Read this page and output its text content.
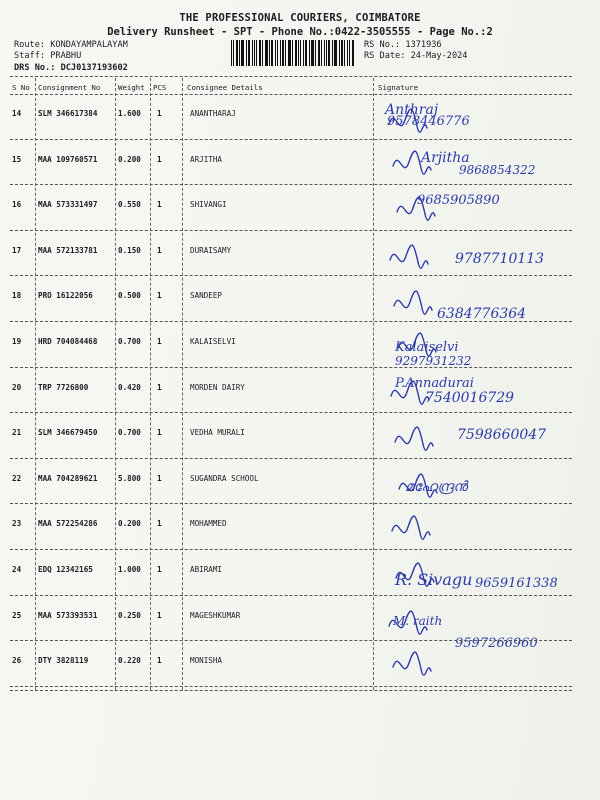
THE PROFESSIONAL COURIERS, COIMBATORE
Delivery Runsheet - SPT - Phone No.:0422-3505555 - Page No.:2
Route: KONDAYAMPALAYAM
Staff: PRABHU
DRS No.: DCJ0137193602
RS No.: 1371936
RS Date: 24-May-2024
S No Consignment No Weight PCS	Consignee Details	Signature
14 SLM 346617384	1.600 1	ANANTHARAJ	Anthraj
9578446776
15 MAA 109760571	0.200 1	ARJITHA	Arjitha
9868854322
16 MAA 573331497	0.550 1	SHIVANGI	9685905890
17 MAA 572133781	0.150 1	DURAISAMY
9787710113
18 PRO 16122056	0.500 1	SANDEEP
6384776364
19 HRD 704084468	0.700 1	KALAISELVI	Kalaiselvi
9297931232
20 TRP 7726800	0.420 1	MORDEN DAIRY	P.Annadurai
7540016729
21 SLM 346679450	0.700 1	VEDHA MURALI	7598660047
22 MAA 704289621	5.800 1	SUGANDRA SCHOOL
മഹേന്ദ്രൻ
23 MAA 572254286	0.200 1	MOHAMMED
24 EDQ 12342165	1.000 1	ABIRAMI
R. Sivagu 9659161338
25 MAA 573393531	0.250 1	MAGESHKUMAR	M. raith
9597266960
26 DTY 3828119	0.220 1	MONISHA
